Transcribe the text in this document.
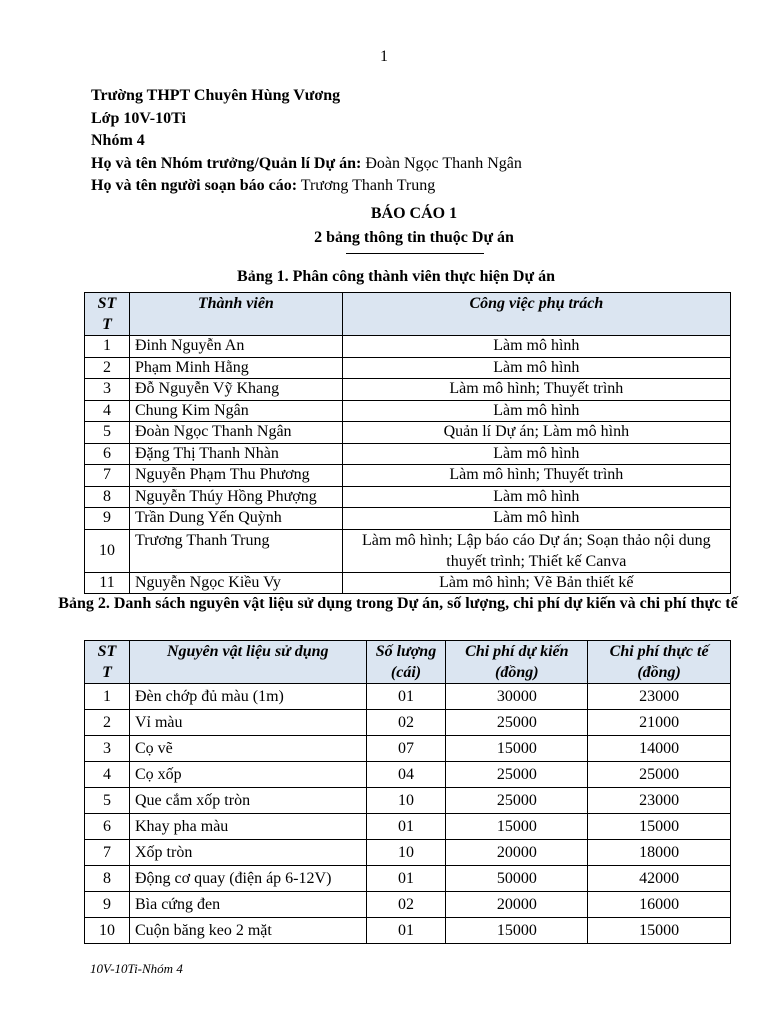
1
Trường THPT Chuyên Hùng Vương
Lớp 10V-10Ti
Nhóm 4
Họ và tên Nhóm trưởng/Quản lí Dự án: Đoàn Ngọc Thanh Ngân
Họ và tên người soạn báo cáo: Trương Thanh Trung
BÁO CÁO 1
2 bảng thông tin thuộc Dự án
Bảng 1. Phân công thành viên thực hiện Dự án
ST T	Thành viên	Công việc phụ trách
1	Đinh Nguyễn An	Làm mô hình
2	Phạm Minh Hằng	Làm mô hình
3	Đỗ Nguyễn Vỹ Khang	Làm mô hình; Thuyết trình
4	Chung Kim Ngân	Làm mô hình
5	Đoàn Ngọc Thanh Ngân	Quản lí Dự án; Làm mô hình
6	Đặng Thị Thanh Nhàn	Làm mô hình
7	Nguyễn Phạm Thu Phương	Làm mô hình; Thuyết trình
8	Nguyễn Thúy Hồng Phượng	Làm mô hình
9	Trần Dung Yến Quỳnh	Làm mô hình
10	Trương Thanh Trung	Làm mô hình; Lập báo cáo Dự án; Soạn thảo nội dung thuyết trình; Thiết kế Canva
11	Nguyễn Ngọc Kiều Vy	Làm mô hình; Vẽ Bản thiết kế
Bảng 2. Danh sách nguyên vật liệu sử dụng trong Dự án, số lượng, chi phí dự kiến và chi phí thực tế
ST T	Nguyên vật liệu sử dụng	Số lượng (cái)	Chi phí dự kiến (đồng)	Chi phí thực tế (đồng)
1	Đèn chớp đủ màu (1m)	01	30000	23000
2	Vỉ màu	02	25000	21000
3	Cọ vẽ	07	15000	14000
4	Cọ xốp	04	25000	25000
5	Que cắm xốp tròn	10	25000	23000
6	Khay pha màu	01	15000	15000
7	Xốp tròn	10	20000	18000
8	Động cơ quay (điện áp 6-12V)	01	50000	42000
9	Bìa cứng đen	02	20000	16000
10	Cuộn băng keo 2 mặt	01	15000	15000
10V-10Ti-Nhóm 4
